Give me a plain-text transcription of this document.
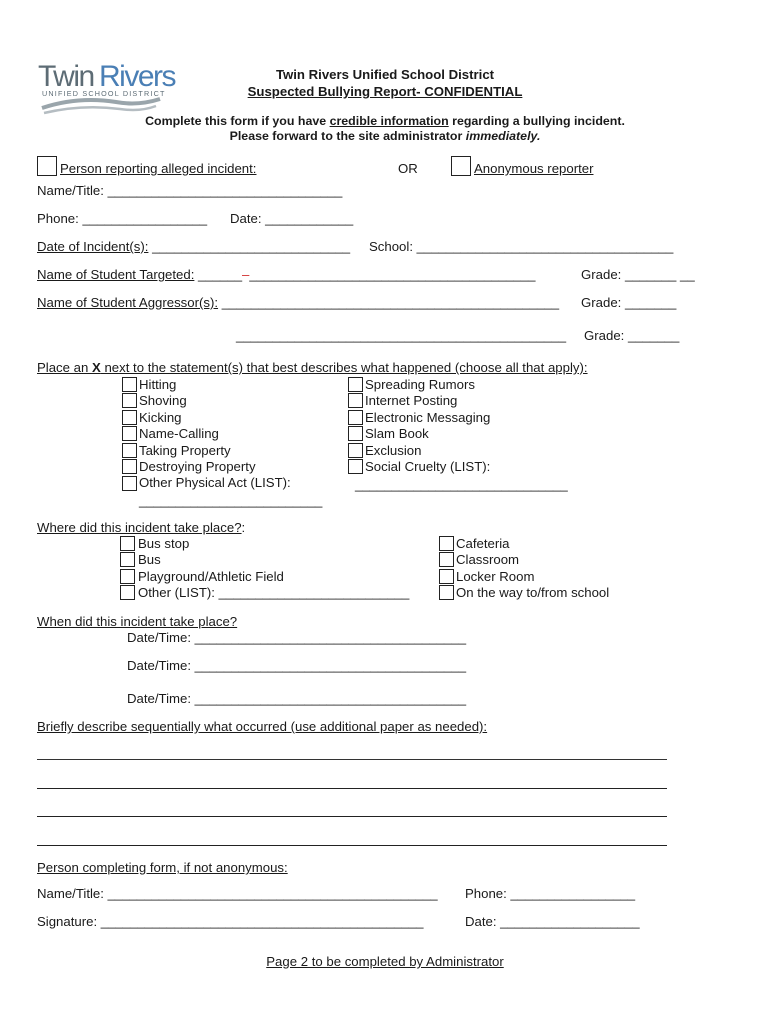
Twin Rivers
UNIFIED SCHOOL DISTRICT
Twin Rivers Unified School District
Suspected Bullying Report- CONFIDENTIAL
Complete this form if you have credible information regarding a bullying incident.
Please forward to the site administrator immediately.
Person reporting alleged incident:	OR	Anonymous reporter
Name/Title: ________________________________
Phone: _________________ Date: ____________
Date of Incident(s): ___________________________ School: ___________________________________
Name of Student Targeted: ______–_______________________________________	Grade: _______ __
Name of Student Aggressor(s): ______________________________________________ Grade: _______
_____________________________________________ Grade: _______
Place an X next to the statement(s) that best describes what happened (choose all that apply):
Hitting
Shoving
Kicking
Name-Calling
Taking Property
Destroying Property
Other Physical Act (LIST):
_________________________
Spreading Rumors
Internet Posting
Electronic Messaging
Slam Book
Exclusion
Social Cruelty (LIST):
_____________________________
Where did this incident take place?:
Bus stop
Bus
Playground/Athletic Field
Other (LIST): __________________________
Cafeteria
Classroom
Locker Room
On the way to/from school
When did this incident take place?
Date/Time: _____________________________________
Date/Time: _____________________________________
Date/Time: _____________________________________
Briefly describe sequentially what occurred (use additional paper as needed):
Person completing form, if not anonymous:
Name/Title: _____________________________________________ Phone: _________________
Signature: ____________________________________________	Date: ___________________
Page 2 to be completed by Administrator
